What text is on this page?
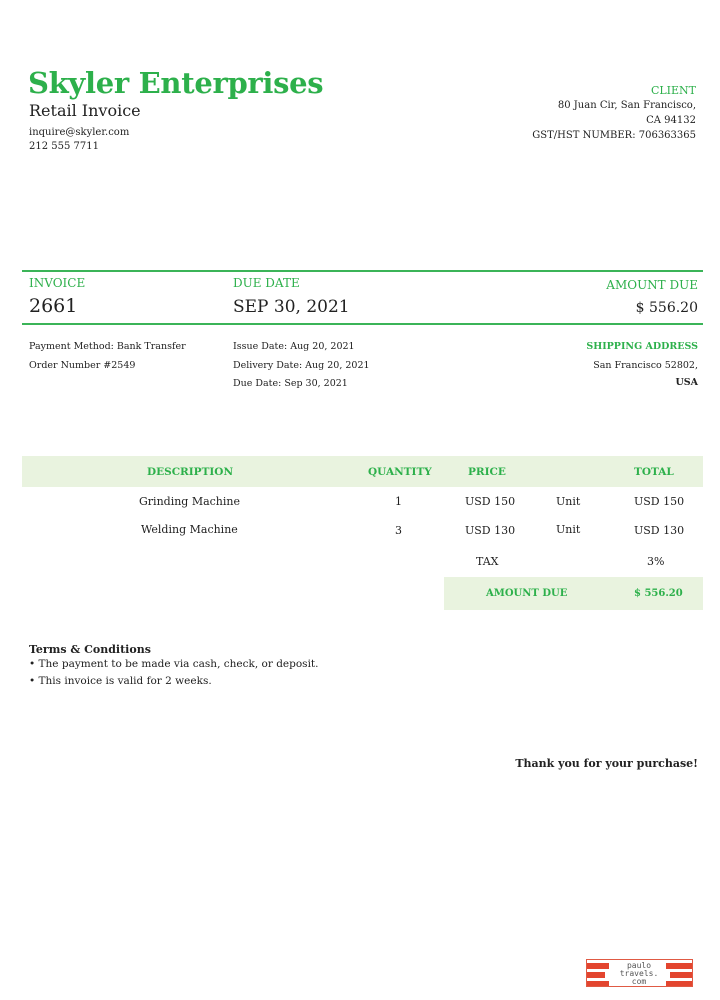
Skyler Enterprises
Retail Invoice
inquire@skyler.com
212 555 7711
CLIENT
80 Juan Cir, San Francisco,
CA 94132
GST/HST NUMBER: 706363365
INVOICE
2661
DUE DATE
SEP 30, 2021
AMOUNT DUE
$ 556.20
Payment Method: Bank Transfer
Order Number #2549
Issue Date: Aug 20, 2021
Delivery Date: Aug 20, 2021
Due Date: Sep 30, 2021
SHIPPING ADDRESS
San Francisco 52802,
USA
DESCRIPTION	QUANTITY	PRICE	TOTAL
Grinding Machine	1	USD 150	Unit	USD 150
Welding Machine	3	USD 130	Unit	USD 130
TAX	3%
AMOUNT DUE	$ 556.20
Terms & Conditions
• The payment to be made via cash, check, or deposit.
• This invoice is valid for 2 weeks.
Thank you for your purchase!
paulo
travels.
com
